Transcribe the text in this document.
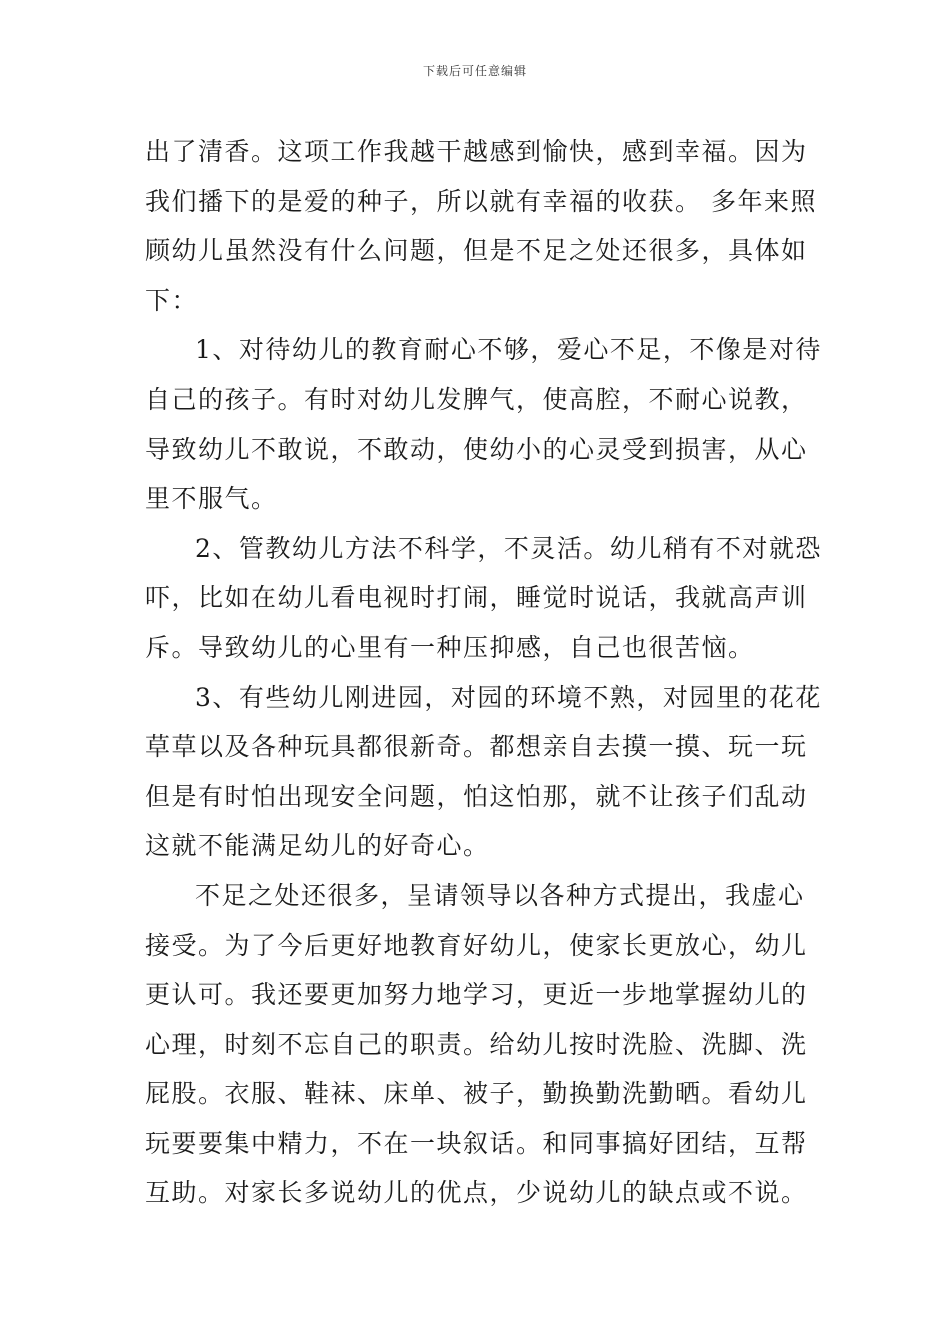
下载后可任意编辑
出了清香。这项工作我越干越感到愉快，感到幸福。因为
我们播下的是爱的种子，所以就有幸福的收获。 多年来照
顾幼儿虽然没有什么问题，但是不足之处还很多，具体如
下：
1、对待幼儿的教育耐心不够，爱心不足，不像是对待
自己的孩子。有时对幼儿发脾气，使高腔，不耐心说教，
导致幼儿不敢说，不敢动，使幼小的心灵受到损害，从心
里不服气。
2、管教幼儿方法不科学，不灵活。幼儿稍有不对就恐
吓，比如在幼儿看电视时打闹，睡觉时说话，我就高声训
斥。导致幼儿的心里有一种压抑感，自己也很苦恼。
3、有些幼儿刚进园，对园的环境不熟，对园里的花花
草草以及各种玩具都很新奇。都想亲自去摸一摸、玩一玩
但是有时怕出现安全问题，怕这怕那，就不让孩子们乱动
这就不能满足幼儿的好奇心。
不足之处还很多，呈请领导以各种方式提出，我虚心
接受。为了今后更好地教育好幼儿，使家长更放心，幼儿
更认可。我还要更加努力地学习，更近一步地掌握幼儿的
心理，时刻不忘自己的职责。给幼儿按时洗脸、洗脚、洗
屁股。衣服、鞋袜、床单、被子，勤换勤洗勤晒。看幼儿
玩要要集中精力，不在一块叙话。和同事搞好团结，互帮
互助。对家长多说幼儿的优点，少说幼儿的缺点或不说。
